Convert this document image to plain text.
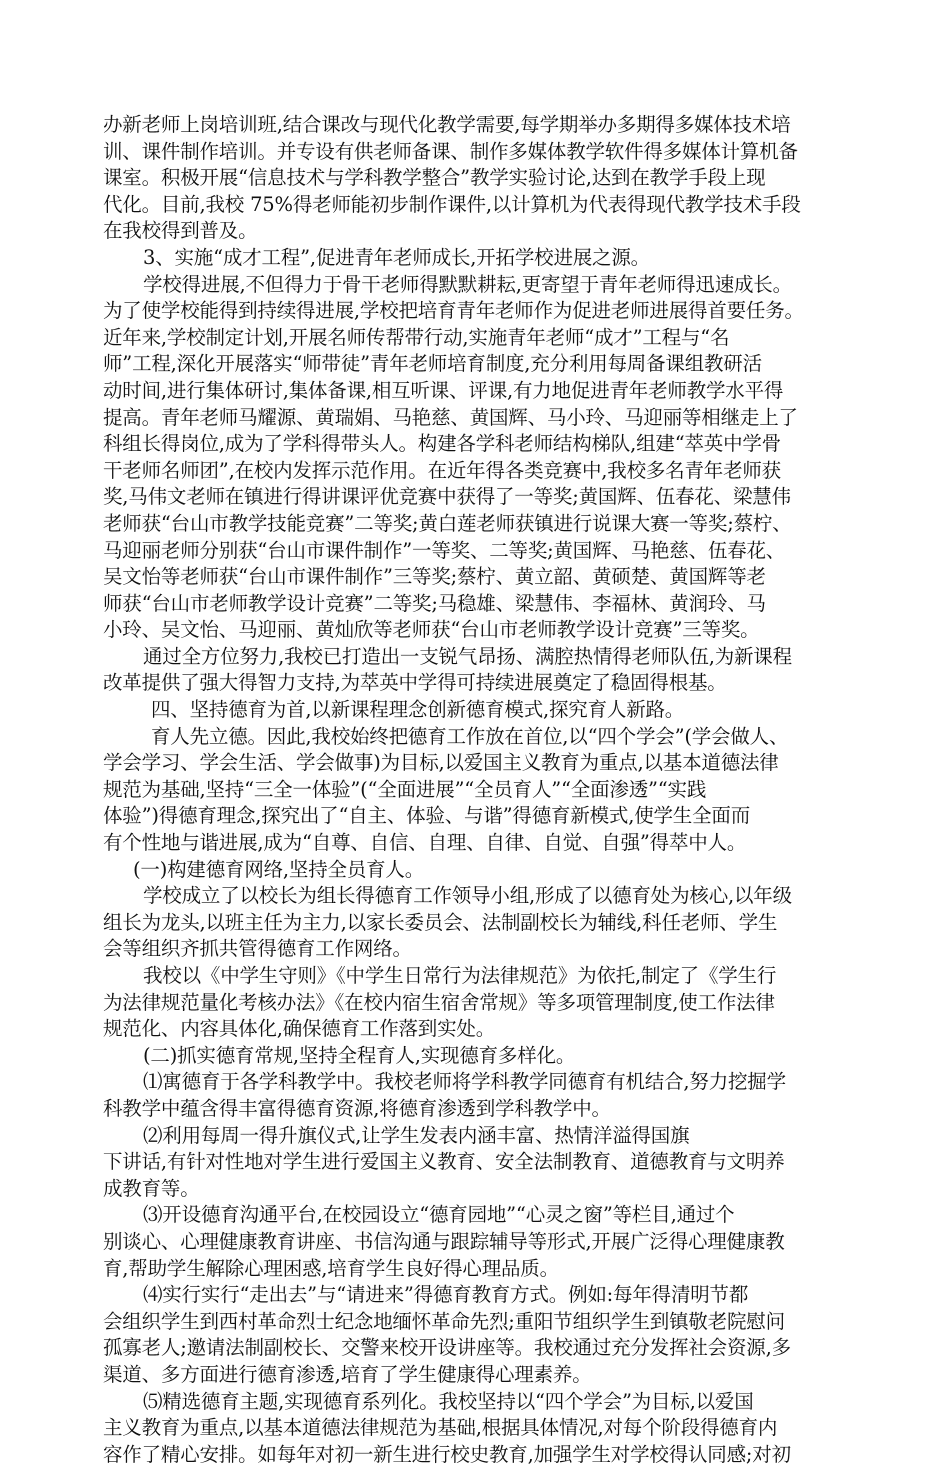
办新老师上岗培训班,结合课改与现代化教学需要,每学期举办多期得多媒体技术培
训、课件制作培训。并专设有供老师备课、制作多媒体教学软件得多媒体计算机备
课室。积极开展“信息技术与学科教学整合”教学实验讨论,达到在教学手段上现
代化。目前,我校 75%得老师能初步制作课件,以计算机为代表得现代教学技术手段
在我校得到普及。
3、实施“成才工程”,促进青年老师成长,开拓学校进展之源。
学校得进展,不但得力于骨干老师得默默耕耘,更寄望于青年老师得迅速成长。
为了使学校能得到持续得进展,学校把培育青年老师作为促进老师进展得首要任务。
近年来,学校制定计划,开展名师传帮带行动,实施青年老师“成才”工程与“名
师”工程,深化开展落实“师带徒”青年老师培育制度,充分利用每周备课组教研活
动时间,进行集体研讨,集体备课,相互听课、评课,有力地促进青年老师教学水平得
提高。青年老师马耀源、黄瑞娟、马艳慈、黄国辉、马小玲、马迎丽等相继走上了
科组长得岗位,成为了学科得带头人。构建各学科老师结构梯队,组建“萃英中学骨
干老师名师团”,在校内发挥示范作用。在近年得各类竞赛中,我校多名青年老师获
奖,马伟文老师在镇进行得讲课评优竞赛中获得了一等奖;黄国辉、伍春花、梁慧伟
老师获“台山市教学技能竞赛”二等奖;黄白莲老师获镇进行说课大赛一等奖;蔡柠、
马迎丽老师分别获“台山市课件制作”一等奖、二等奖;黄国辉、马艳慈、伍春花、
吴文怡等老师获“台山市课件制作”三等奖;蔡柠、黄立韶、黄硕楚、黄国辉等老
师获“台山市老师教学设计竞赛”二等奖;马稳雄、梁慧伟、李福林、黄润玲、马
小玲、吴文怡、马迎丽、黄灿欣等老师获“台山市老师教学设计竞赛”三等奖。
通过全方位努力,我校已打造出一支锐气昂扬、满腔热情得老师队伍,为新课程
改革提供了强大得智力支持,为萃英中学得可持续进展奠定了稳固得根基。
四、坚持德育为首,以新课程理念创新德育模式,探究育人新路。
育人先立德。因此,我校始终把德育工作放在首位,以“四个学会”(学会做人、
学会学习、学会生活、学会做事)为目标,以爱国主义教育为重点,以基本道德法律
规范为基础,坚持“三全一体验”(“全面进展”“全员育人”“全面渗透”“实践
体验”)得德育理念,探究出了“自主、体验、与谐”得德育新模式,使学生全面而
有个性地与谐进展,成为“自尊、自信、自理、自律、自觉、自强”得萃中人。
(一)构建德育网络,坚持全员育人。
学校成立了以校长为组长得德育工作领导小组,形成了以德育处为核心,以年级
组长为龙头,以班主任为主力,以家长委员会、法制副校长为辅线,科任老师、学生
会等组织齐抓共管得德育工作网络。
我校以《中学生守则》《中学生日常行为法律规范》为依托,制定了《学生行
为法律规范量化考核办法》《在校内宿生宿舍常规》等多项管理制度,使工作法律
规范化、内容具体化,确保德育工作落到实处。
(二)抓实德育常规,坚持全程育人,实现德育多样化。
⑴寓德育于各学科教学中。我校老师将学科教学同德育有机结合,努力挖掘学
科教学中蕴含得丰富得德育资源,将德育渗透到学科教学中。
⑵利用每周一得升旗仪式,让学生发表内涵丰富、热情洋溢得国旗
下讲话,有针对性地对学生进行爱国主义教育、安全法制教育、道德教育与文明养
成教育等。
⑶开设德育沟通平台,在校园设立“德育园地”“心灵之窗”等栏目,通过个
别谈心、心理健康教育讲座、书信沟通与跟踪辅导等形式,开展广泛得心理健康教
育,帮助学生解除心理困惑,培育学生良好得心理品质。
⑷实行实行“走出去”与“请进来”得德育教育方式。例如:每年得清明节都
会组织学生到西村革命烈士纪念地缅怀革命先烈;重阳节组织学生到镇敬老院慰问
孤寡老人;邀请法制副校长、交警来校开设讲座等。我校通过充分发挥社会资源,多
渠道、多方面进行德育渗透,培育了学生健康得心理素养。
⑸精选德育主题,实现德育系列化。我校坚持以“四个学会”为目标,以爱国
主义教育为重点,以基本道德法律规范为基础,根据具体情况,对每个阶段得德育内
容作了精心安排。如每年对初一新生进行校史教育,加强学生对学校得认同感;对初
